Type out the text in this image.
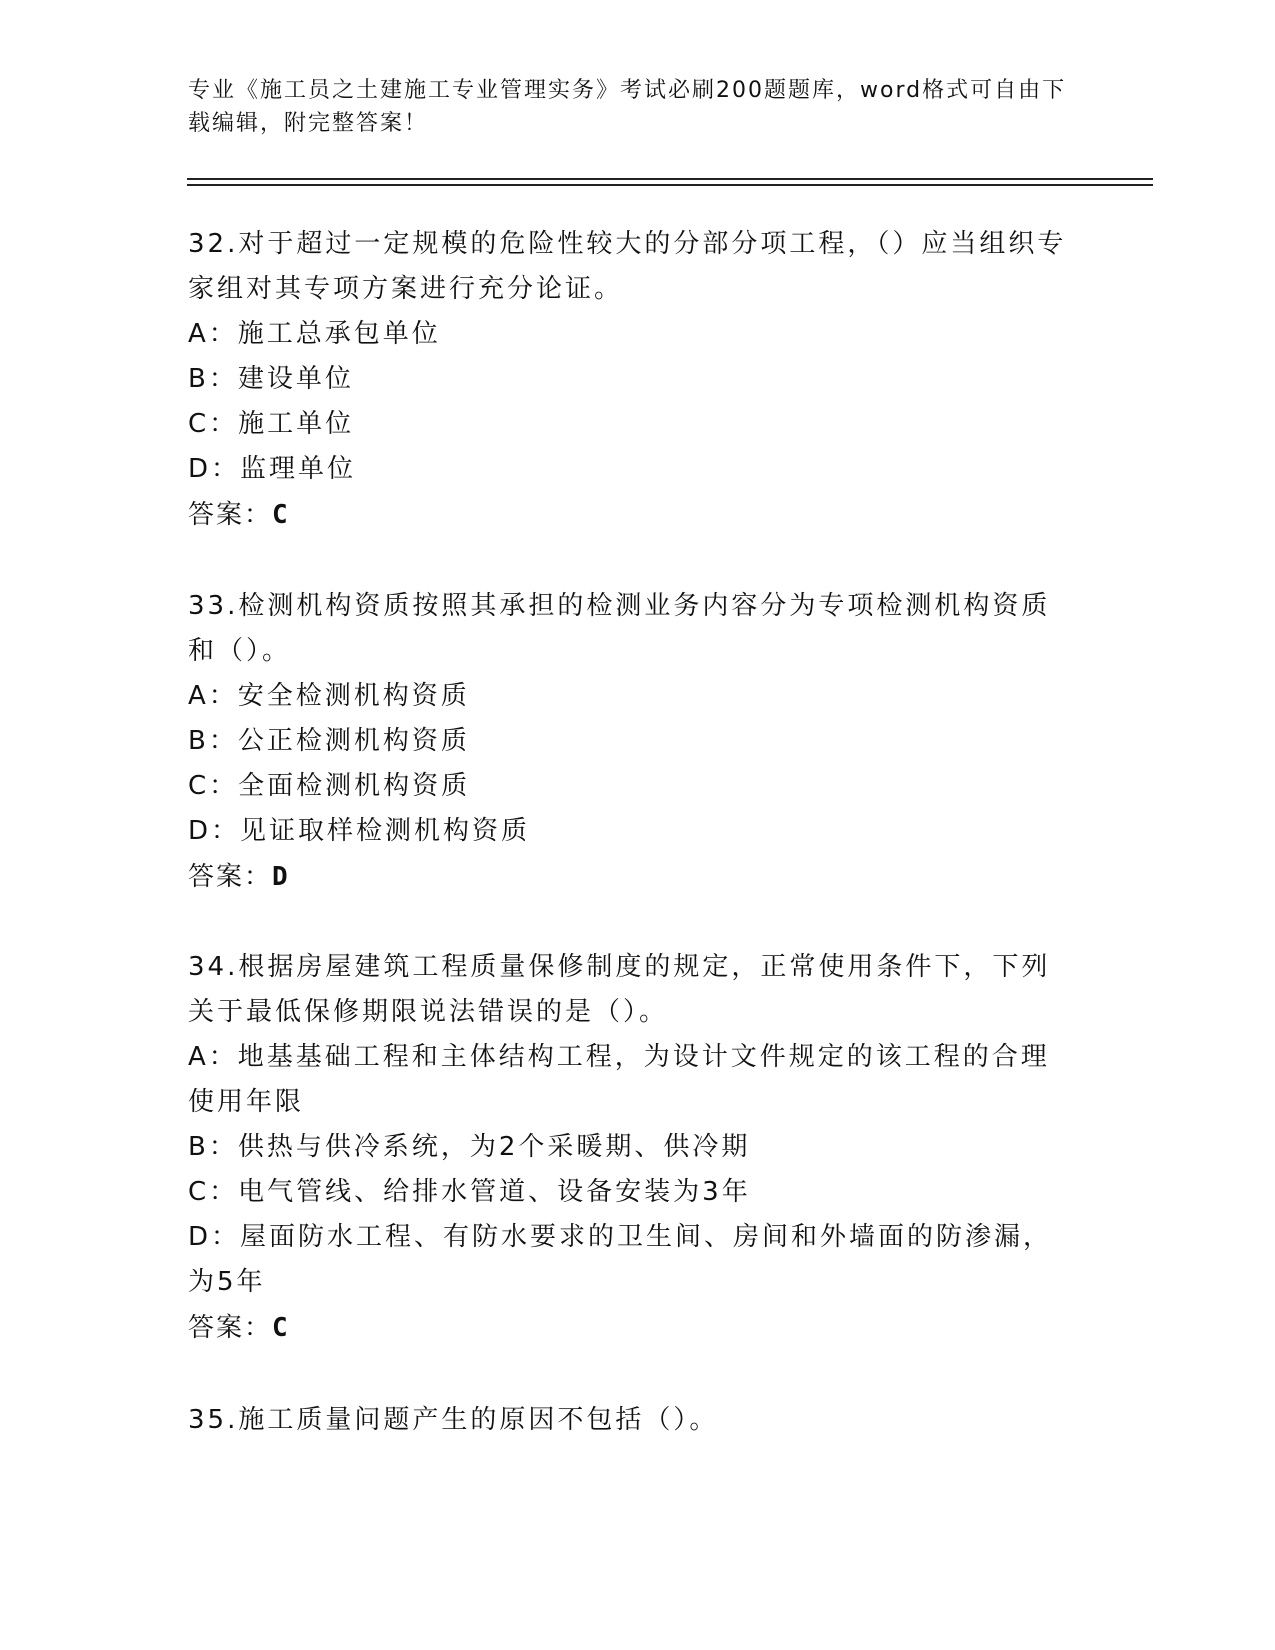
专业《施工员之土建施工专业管理实务》考试必刷200题题库，word格式可自由下载编辑，附完整答案！

32.对于超过一定规模的危险性较大的分部分项工程，（）应当组织专家组对其专项方案进行充分论证。

A：施工总承包单位

B：建设单位

C：施工单位

D：监理单位

答案：C

33.检测机构资质按照其承担的检测业务内容分为专项检测机构资质和（）。

A：安全检测机构资质

B：公正检测机构资质

C：全面检测机构资质

D：见证取样检测机构资质

答案：D

34.根据房屋建筑工程质量保修制度的规定，正常使用条件下，下列关于最低保修期限说法错误的是（）。

A：地基基础工程和主体结构工程，为设计文件规定的该工程的合理使用年限

B：供热与供冷系统，为2个采暖期、供冷期

C：电气管线、给排水管道、设备安装为3年

D：屋面防水工程、有防水要求的卫生间、房间和外墙面的防渗漏，为5年

答案：C

35.施工质量问题产生的原因不包括（）。
